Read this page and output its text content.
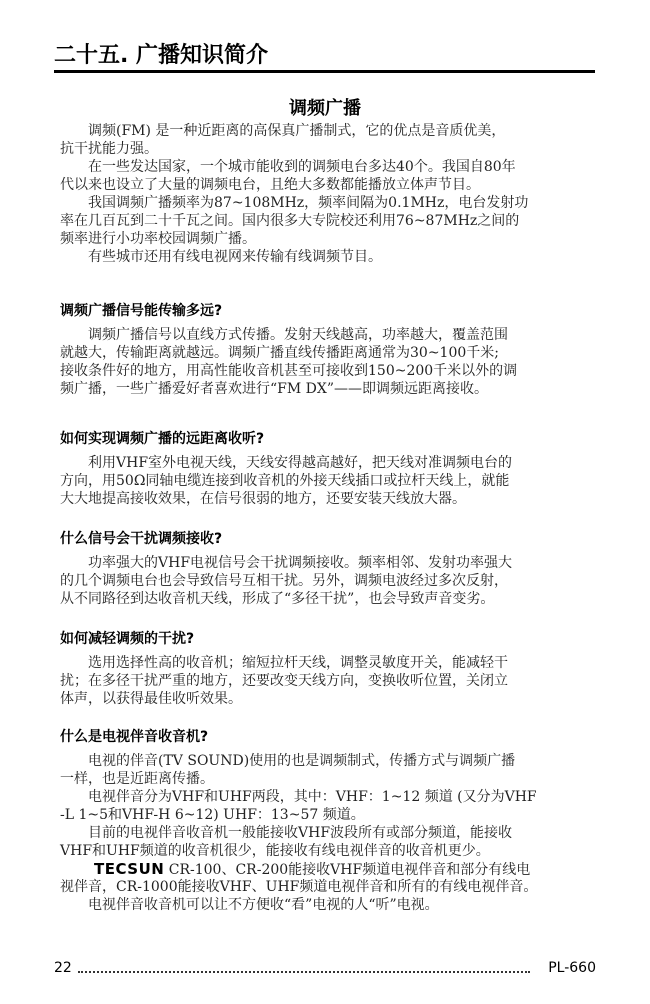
二十五. 广播知识简介
调频广播
调频(FM) 是一种近距离的高保真广播制式，它的优点是音质优美，
抗干扰能力强。
在一些发达国家，一个城市能收到的调频电台多达40个。我国自80年
代以来也设立了大量的调频电台，且绝大多数都能播放立体声节目。
我国调频广播频率为87~108MHz，频率间隔为0.1MHz，电台发射功
率在几百瓦到二十千瓦之间。国内很多大专院校还利用76~87MHz之间的
频率进行小功率校园调频广播。
有些城市还用有线电视网来传输有线调频节目。
调频广播信号能传输多远?
调频广播信号以直线方式传播。发射天线越高，功率越大，覆盖范围
就越大，传输距离就越远。调频广播直线传播距离通常为30~100千米;
接收条件好的地方，用高性能收音机甚至可接收到150~200千米以外的调
频广播，一些广播爱好者喜欢进行“FM DX”——即调频远距离接收。
如何实现调频广播的远距离收听?
利用VHF室外电视天线，天线安得越高越好，把天线对准调频电台的
方向，用50Ω同轴电缆连接到收音机的外接天线插口或拉杆天线上，就能
大大地提高接收效果，在信号很弱的地方，还要安装天线放大器。
什么信号会干扰调频接收?
功率强大的VHF电视信号会干扰调频接收。频率相邻、发射功率强大
的几个调频电台也会导致信号互相干扰。另外，调频电波经过多次反射，
从不同路径到达收音机天线，形成了“多径干扰”，也会导致声音变劣。
如何减轻调频的干扰?
选用选择性高的收音机；缩短拉杆天线，调整灵敏度开关，能减轻干
扰；在多径干扰严重的地方，还要改变天线方向，变换收听位置，关闭立
体声，以获得最佳收听效果。
什么是电视伴音收音机?
电视的伴音(TV SOUND)使用的也是调频制式，传播方式与调频广播
一样，也是近距离传播。
电视伴音分为VHF和UHF两段，其中：VHF：1~12 频道 (又分为VHF
-L 1~5和VHF-H 6~12) UHF：13~57 频道。
目前的电视伴音收音机一般能接收VHF波段所有或部分频道，能接收
VHF和UHF频道的收音机很少，能接收有线电视伴音的收音机更少。
TECSUN CR-100、CR-200能接收VHF频道电视伴音和部分有线电
视伴音，CR-1000能接收VHF、UHF频道电视伴音和所有的有线电视伴音。
电视伴音收音机可以让不方便收“看”电视的人“听”电视。
22	PL-660
